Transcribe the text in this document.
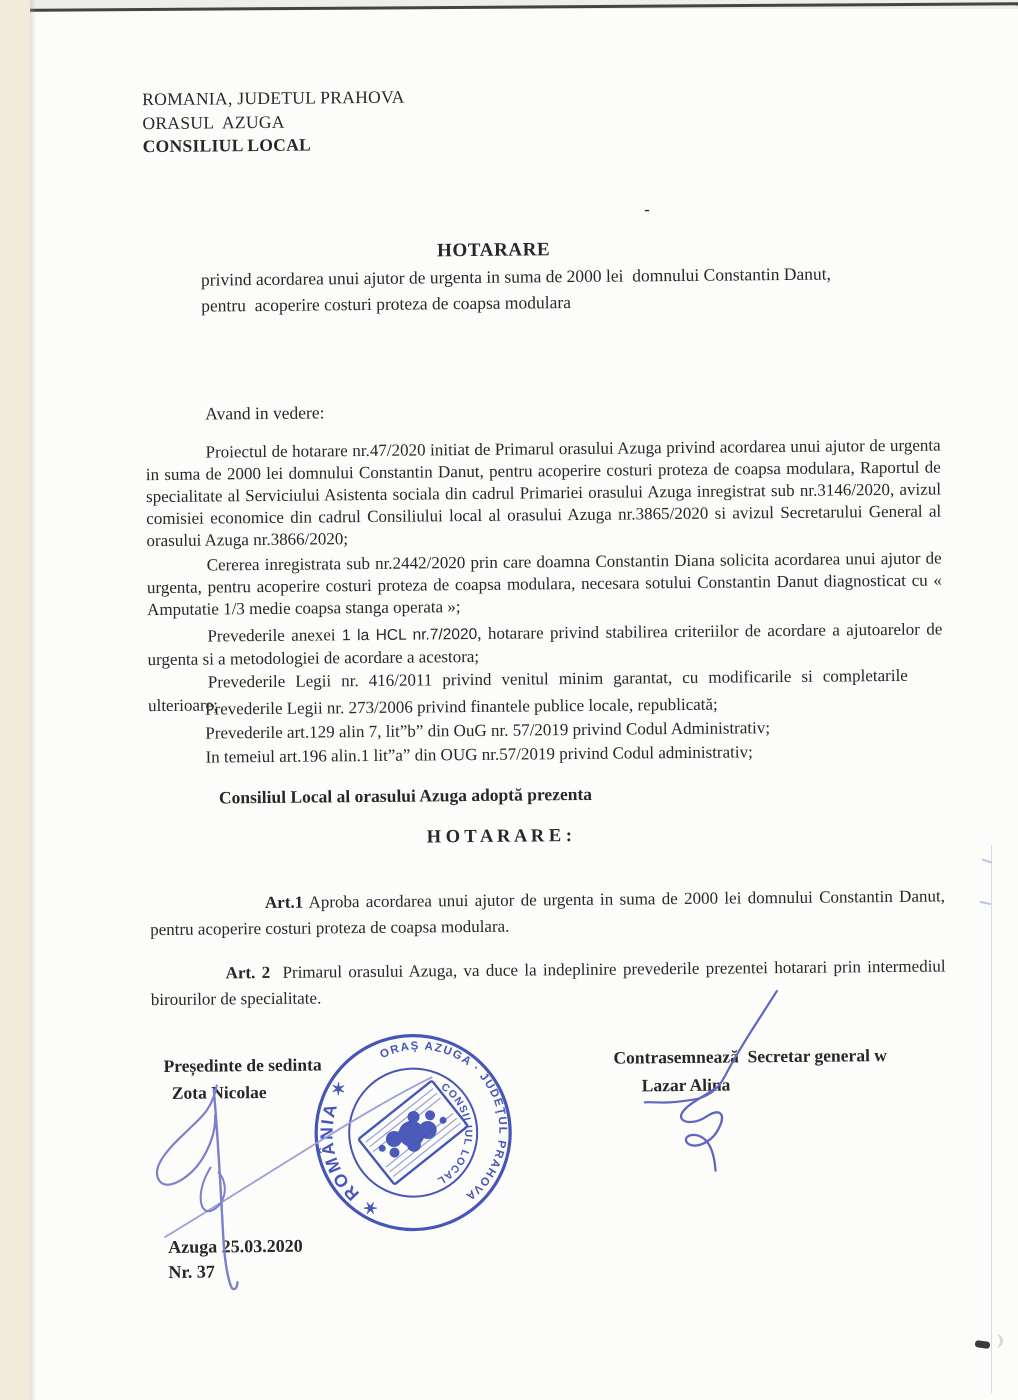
ROMANIA, JUDETUL PRAHOVA
ORASUL  AZUGA
CONSILIUL LOCAL
-
HOTARARE
privind acordarea unui ajutor de urgenta in suma de 2000 lei  domnului Constantin Danut,
pentru  acoperire costuri proteza de coapsa modulara
Avand in vedere:

Proiectul de hotarare nr.47/2020 initiat de Primarul orasului Azuga privind acordarea unui ajutor de urgenta in suma de 2000 lei domnului Constantin Danut, pentru acoperire costuri proteza de coapsa modulara, Raportul de specialitate al Serviciului Asistenta sociala din cadrul Primariei orasului Azuga inregistrat sub nr.3146/2020, avizul comisiei economice din cadrul Consiliului local al orasului Azuga nr.3865/2020 si avizul Secretarului General al orasului Azuga nr.3866/2020;

Cererea inregistrata sub nr.2442/2020 prin care doamna Constantin Diana solicita acordarea unui ajutor de urgenta, pentru acoperire costuri proteza de coapsa modulara, necesara sotului Constantin Danut diagnosticat cu « Amputatie 1/3 medie coapsa stanga operata »;

Prevederile anexei 1 la HCL nr.7/2020, hotarare privind stabilirea criteriilor de acordare a ajutoarelor de urgenta si a metodologiei de acordare a acestora;

Prevederile Legii nr. 416/2011 privind venitul minim garantat, cu modificarile si completarile ulterioare;

Prevederile Legii nr. 273/2006 privind finantele publice locale, republicată;
Prevederile art.129 alin 7, lit”b” din OuG nr. 57/2019 privind Codul Administrativ;
In temeiul art.196 alin.1 lit”a” din OUG nr.57/2019 privind Codul administrativ;
Consiliul Local al orasului Azuga adoptă prezenta
H O T A R A R E :

Art.1 Aproba acordarea unui ajutor de urgenta in suma de 2000 lei domnului Constantin Danut, pentru acoperire costuri proteza de coapsa modulara.

Art. 2 Primarul orasului Azuga, va duce la indeplinire prevederile prezentei hotarari prin intermediul birourilor de specialitate.

Președinte de sedinta
Zota Nicolae
Contrasemnează  Secretar general w
Lazar Alina
Azuga 25.03.2020
Nr. 37
✶ ROMÂNIA ✶
ORAŞ AZUGA · JUDEŢUL PRAHOVA
CONSILIUL LOCAL
